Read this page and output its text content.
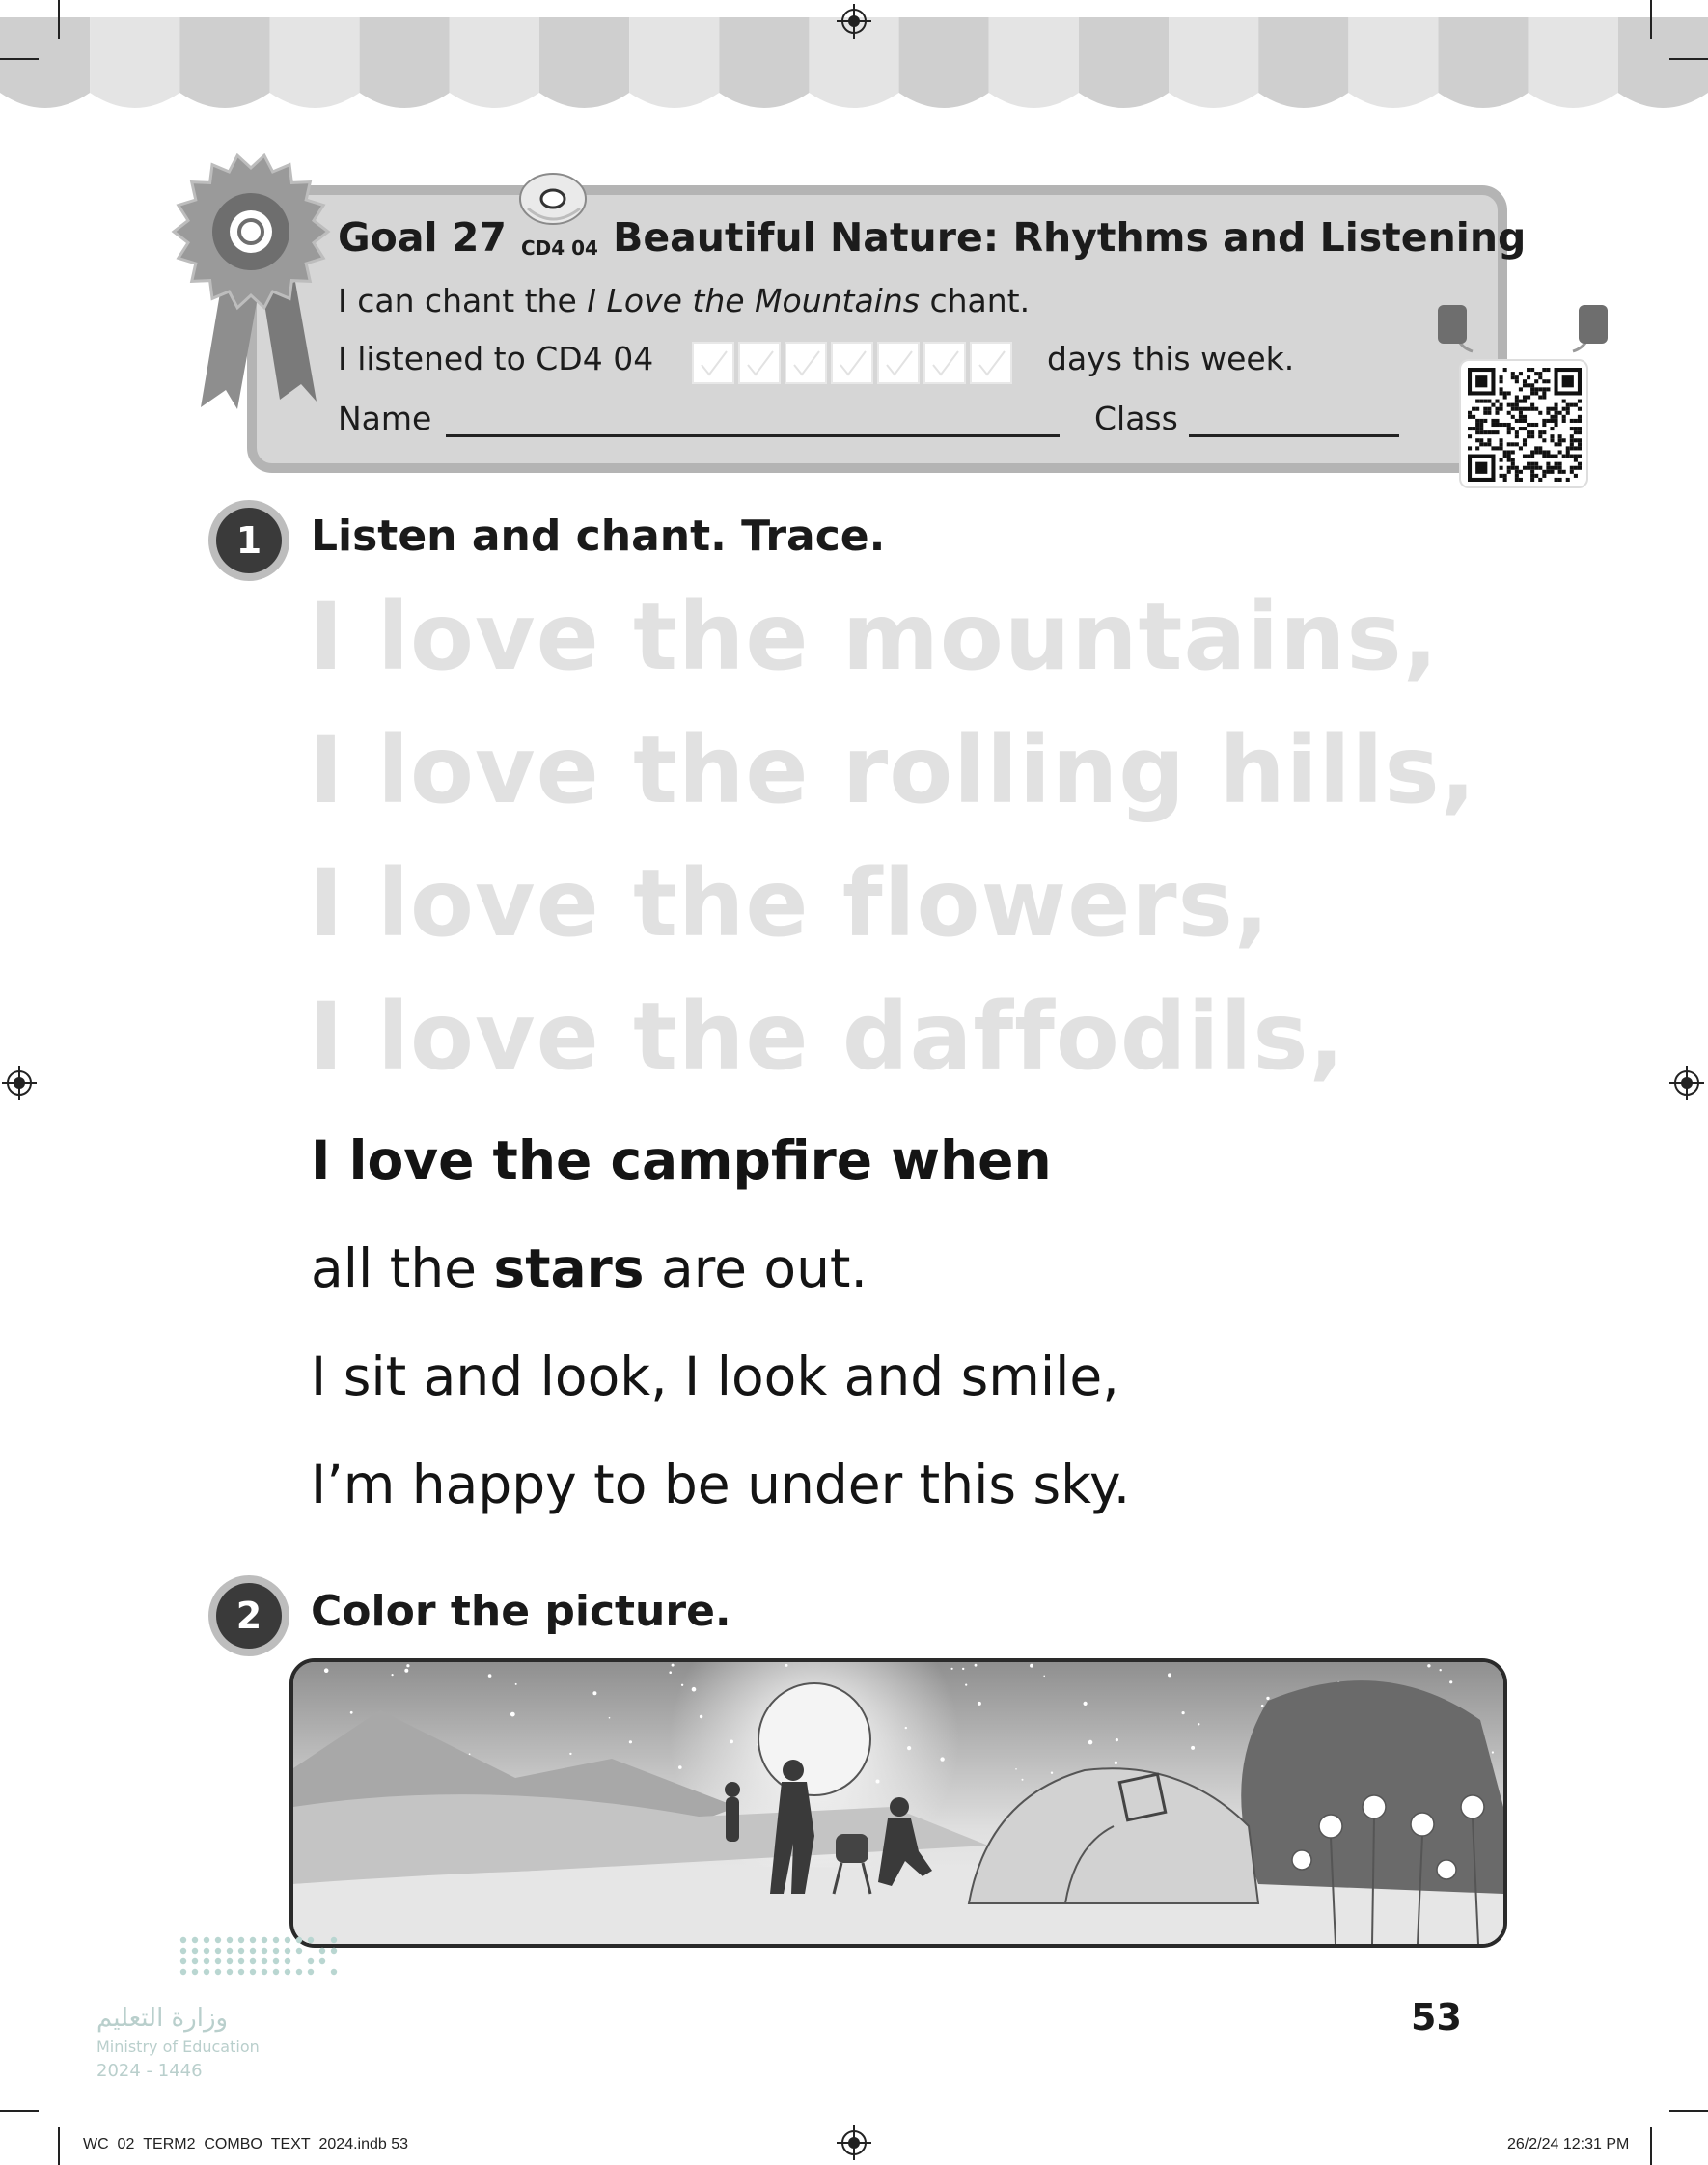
Goal 27 CD4 04 Beautiful Nature: Rhythms and Listening
I can chant the I Love the Mountains chant.
I listened to CD4 04	days this week.
Name	Class
1 Listen and chant. Trace.
I love the mountains,
I love the rolling hills,
I love the flowers,
I love the daffodils,
I love the campfire when
all the stars are out.
I sit and look, I look and smile,
I’m happy to be under this sky.
2 Color the picture.
53
وزارة التعليم
Ministry of Education
2024 - 1446
WC_02_TERM2_COMBO_TEXT_2024.indb 53	26/2/24 12:31 PM
